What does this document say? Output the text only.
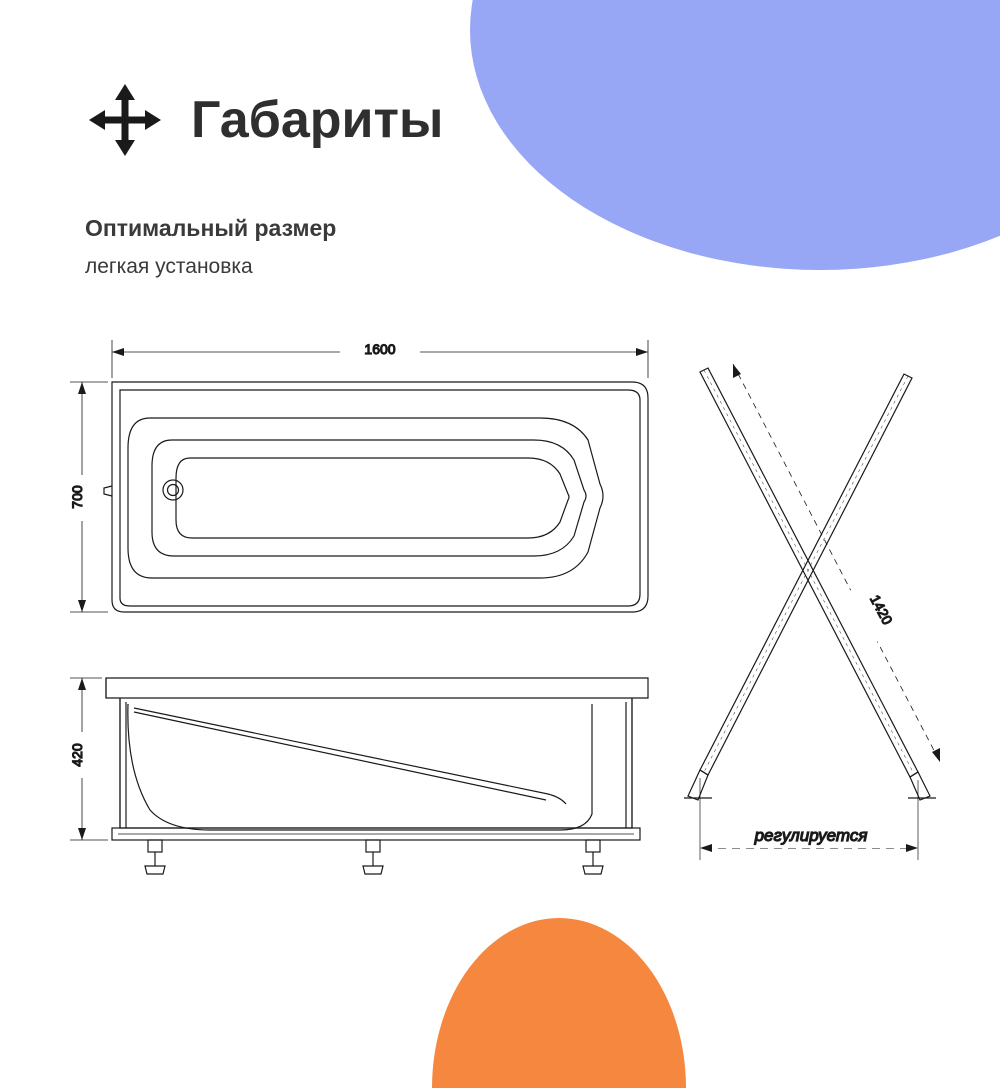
Габариты
Оптимальный размер
легкая установка
1600
700
420
1420
регулируется
